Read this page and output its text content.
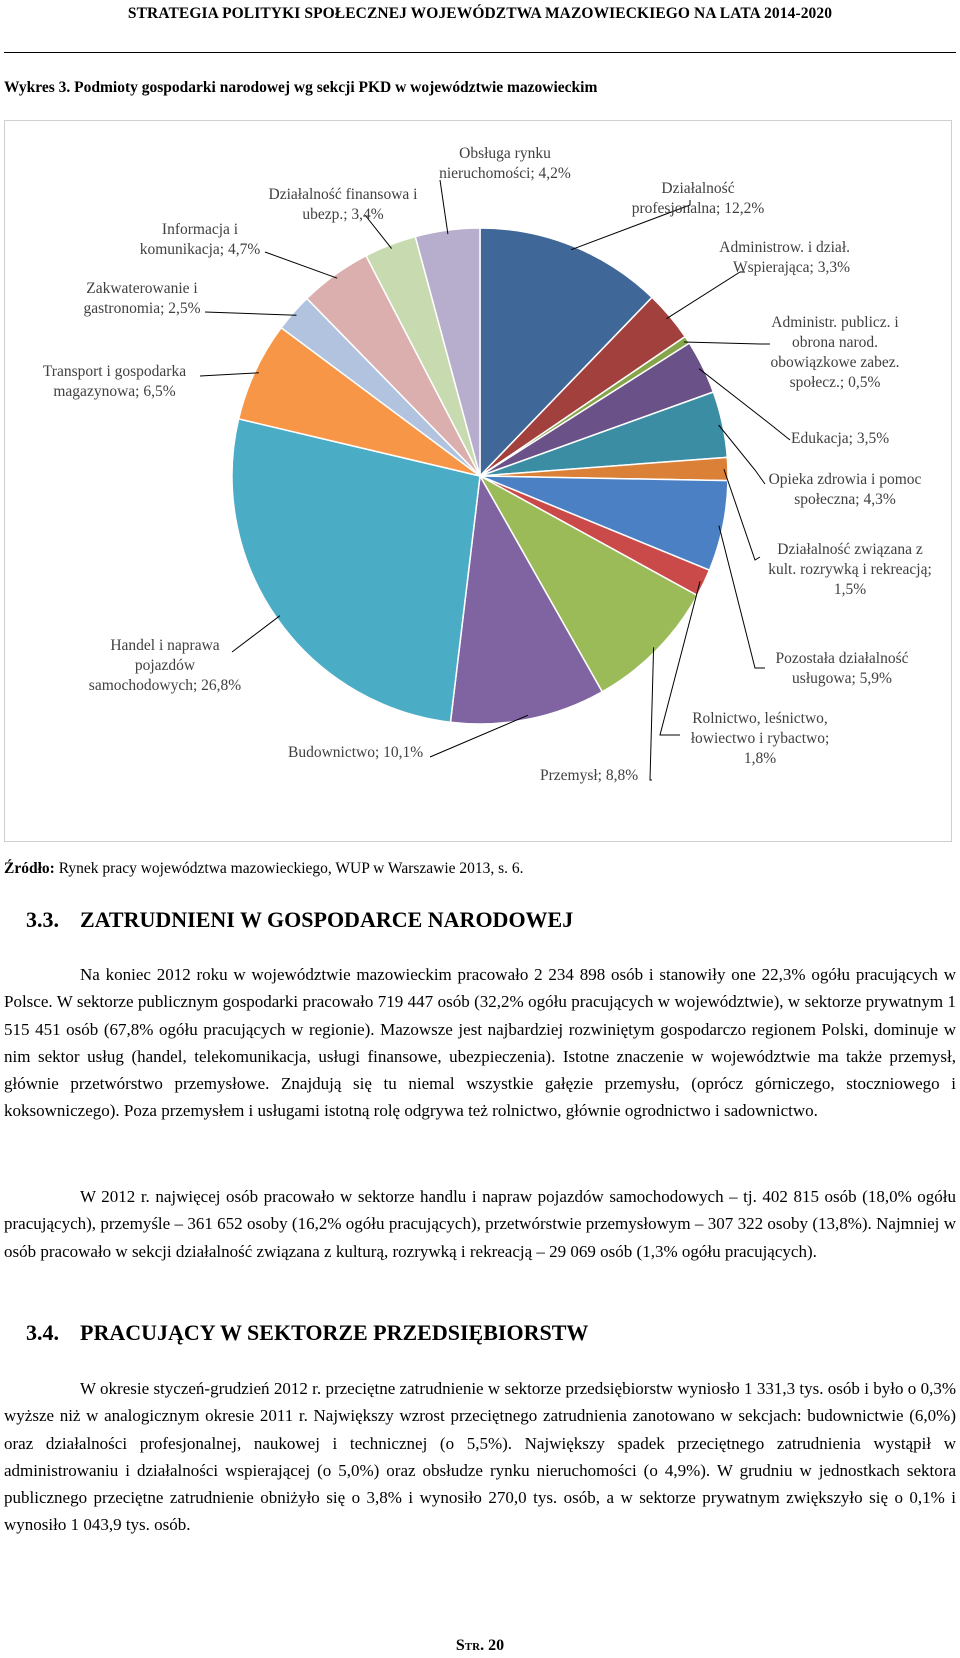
STRATEGIA POLITYKI SPOŁECZNEJ WOJEWÓDZTWA MAZOWIECKIEGO NA LATA 2014-2020
Wykres 3. Podmioty gospodarki narodowej wg sekcji PKD w województwie mazowieckim
Działalność
profesjonalna; 12,2%
Administrow. i dział.
Wspierająca; 3,3%
Administr. publicz. i
obrona narod.
obowiązkowe zabez.
społecz.; 0,5%
Edukacja; 3,5%
Opieka zdrowia i pomoc
społeczna; 4,3%
Działalność związana z
kult. rozrywką i rekreacją;
1,5%
Pozostała działalność
usługowa; 5,9%
Rolnictwo, leśnictwo,
łowiectwo i rybactwo;
1,8%
Przemysł; 8,8%
Budownictwo; 10,1%
Handel i naprawa
pojazdów
samochodowych; 26,8%
Transport i gospodarka
magazynowa; 6,5%
Zakwaterowanie i
gastronomia; 2,5%
Informacja i
komunikacja; 4,7%
Działalność finansowa i
ubezp.; 3,4%
Obsługa rynku
nieruchomości; 4,2%
Źródło: Rynek pracy województwa mazowieckiego, WUP w Warszawie 2013, s. 6.
3.3. ZATRUDNIENI W GOSPODARCE NARODOWEJ

Na koniec 2012 roku w województwie mazowieckim pracowało 2 234 898 osób i stanowiły one 22,3% ogółu pracujących w Polsce. W sektorze publicznym gospodarki pracowało 719 447 osób (32,2% ogółu pracujących w województwie), w sektorze prywatnym 1 515 451 osób (67,8% ogółu pracujących w regionie). Mazowsze jest najbardziej rozwiniętym gospodarczo regionem Polski, dominuje w nim sektor usług (handel, telekomunikacja, usługi finansowe, ubezpieczenia). Istotne znaczenie w województwie ma także przemysł, głównie przetwórstwo przemysłowe. Znajdują się tu niemal wszystkie gałęzie przemysłu, (oprócz górniczego, stoczniowego i koksowniczego). Poza przemysłem i usługami istotną rolę odgrywa też rolnictwo, głównie ogrodnictwo i sadownictwo.

W 2012 r. najwięcej osób pracowało w sektorze handlu i napraw pojazdów samochodowych – tj. 402 815 osób (18,0% ogółu pracujących), przemyśle – 361 652 osoby (16,2% ogółu pracujących), przetwórstwie przemysłowym – 307 322 osoby (13,8%). Najmniej w osób pracowało w sekcji działalność związana z kulturą, rozrywką i rekreacją – 29 069 osób (1,3% ogółu pracujących).

3.4. PRACUJĄCY W SEKTORZE PRZEDSIĘBIORSTW

W okresie styczeń-grudzień 2012 r. przeciętne zatrudnienie w sektorze przedsiębiorstw wyniosło 1 331,3 tys. osób i było o 0,3% wyższe niż w analogicznym okresie 2011 r. Największy wzrost przeciętnego zatrudnienia zanotowano w sekcjach: budownictwie (6,0%) oraz działalności profesjonalnej, naukowej i technicznej (o 5,5%). Największy spadek przeciętnego zatrudnienia wystąpił w administrowaniu i działalności wspierającej (o 5,0%) oraz obsłudze rynku nieruchomości (o 4,9%). W grudniu w jednostkach sektora publicznego przeciętne zatrudnienie obniżyło się o 3,8% i wynosiło 270,0 tys. osób, a w sektorze prywatnym zwiększyło się o 0,1% i wynosiło 1 043,9 tys. osób.

Str. 20
